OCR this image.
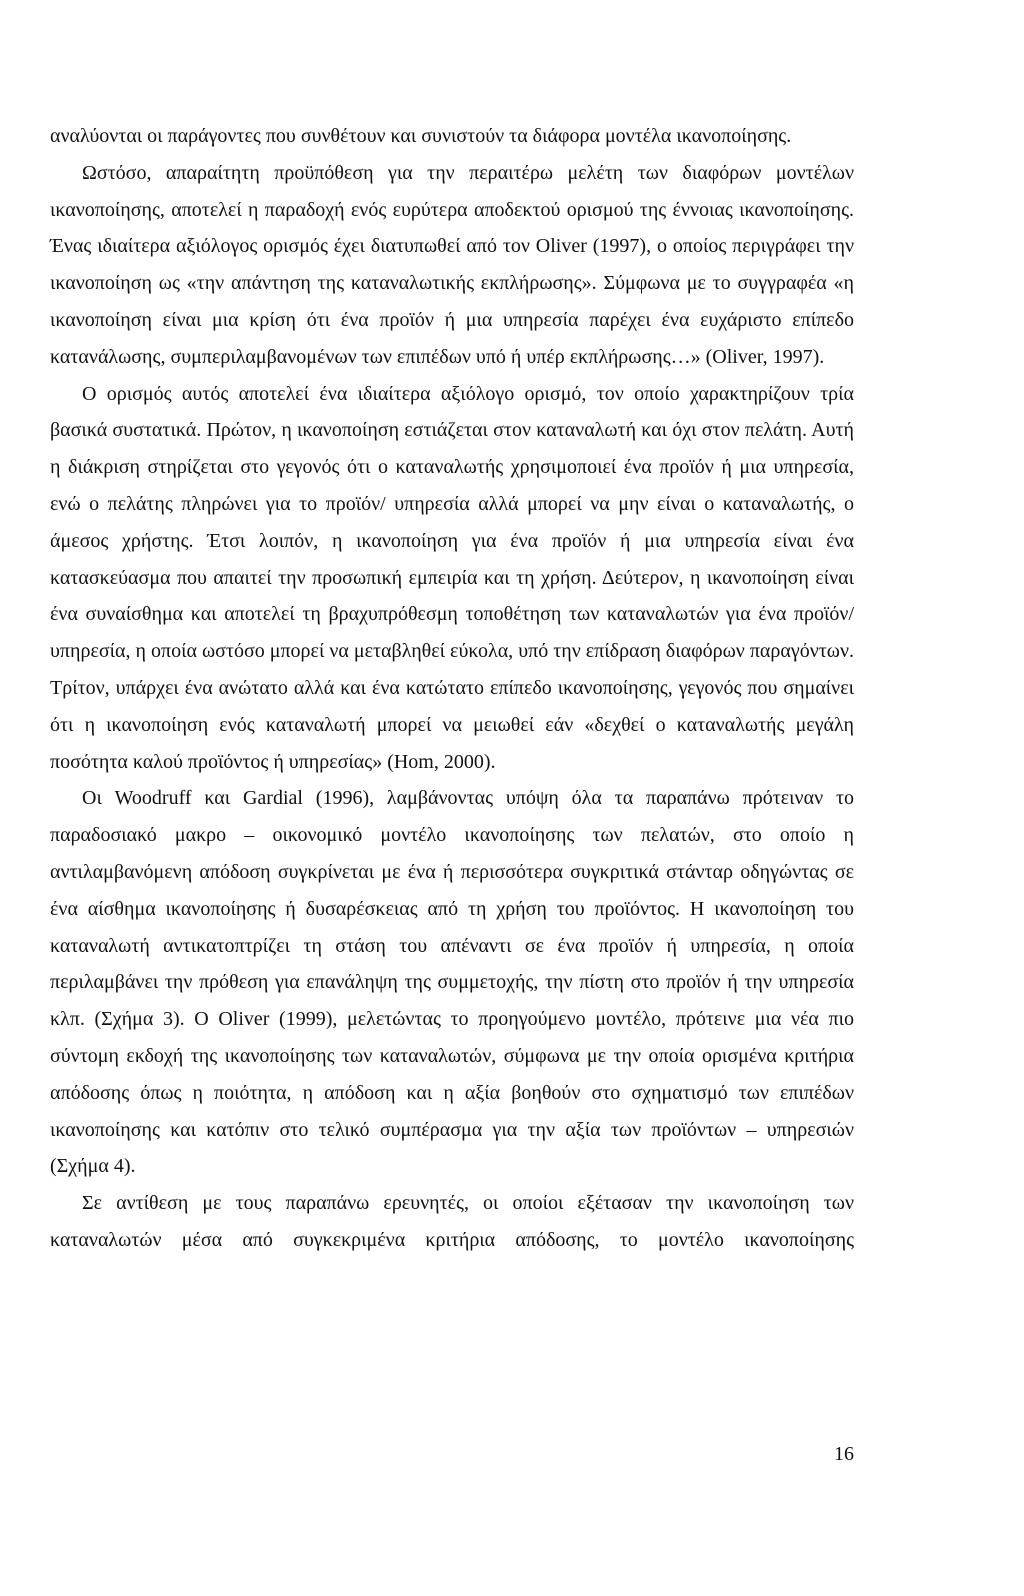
αναλύονται οι παράγοντες που συνθέτουν και συνιστούν τα διάφορα μοντέλα ικανοποίησης.

Ωστόσο, απαραίτητη προϋπόθεση για την περαιτέρω μελέτη των διαφόρων μοντέλων ικανοποίησης, αποτελεί η παραδοχή ενός ευρύτερα αποδεκτού ορισμού της έννοιας ικανοποίησης. Ένας ιδιαίτερα αξιόλογος ορισμός έχει διατυπωθεί από τον Oliver (1997), ο οποίος περιγράφει την ικανοποίηση ως «την απάντηση της καταναλωτικής εκπλήρωσης». Σύμφωνα με το συγγραφέα «η ικανοποίηση είναι μια κρίση ότι ένα προϊόν ή μια υπηρεσία παρέχει ένα ευχάριστο επίπεδο κατανάλωσης, συμπεριλαμβανομένων των επιπέδων υπό ή υπέρ εκπλήρωσης…» (Oliver, 1997).

Ο ορισμός αυτός αποτελεί ένα ιδιαίτερα αξιόλογο ορισμό, τον οποίο χαρακτηρίζουν τρία βασικά συστατικά. Πρώτον, η ικανοποίηση εστιάζεται στον καταναλωτή και όχι στον πελάτη. Αυτή η διάκριση στηρίζεται στο γεγονός ότι ο καταναλωτής χρησιμοποιεί ένα προϊόν ή μια υπηρεσία, ενώ ο πελάτης πληρώνει για το προϊόν/ υπηρεσία αλλά μπορεί να μην είναι ο καταναλωτής, ο άμεσος χρήστης. Έτσι λοιπόν, η ικανοποίηση για ένα προϊόν ή μια υπηρεσία είναι ένα κατασκεύασμα που απαιτεί την προσωπική εμπειρία και τη χρήση. Δεύτερον, η ικανοποίηση είναι ένα συναίσθημα και αποτελεί τη βραχυπρόθεσμη τοποθέτηση των καταναλωτών για ένα προϊόν/ υπηρεσία, η οποία ωστόσο μπορεί να μεταβληθεί εύκολα, υπό την επίδραση διαφόρων παραγόντων. Τρίτον, υπάρχει ένα ανώτατο αλλά και ένα κατώτατο επίπεδο ικανοποίησης, γεγονός που σημαίνει ότι η ικανοποίηση ενός καταναλωτή μπορεί να μειωθεί εάν «δεχθεί ο καταναλωτής μεγάλη ποσότητα καλού προϊόντος ή υπηρεσίας» (Hom, 2000).

Οι Woodruff και Gardial (1996), λαμβάνοντας υπόψη όλα τα παραπάνω πρότειναν το παραδοσιακό μακρο – οικονομικό μοντέλο ικανοποίησης των πελατών, στο οποίο η αντιλαμβανόμενη απόδοση συγκρίνεται με ένα ή περισσότερα συγκριτικά στάνταρ οδηγώντας σε ένα αίσθημα ικανοποίησης ή δυσαρέσκειας από τη χρήση του προϊόντος. Η ικανοποίηση του καταναλωτή αντικατοπτρίζει τη στάση του απέναντι σε ένα προϊόν ή υπηρεσία, η οποία περιλαμβάνει την πρόθεση για επανάληψη της συμμετοχής, την πίστη στο προϊόν ή την υπηρεσία κλπ. (Σχήμα 3). Ο Oliver (1999), μελετώντας το προηγούμενο μοντέλο, πρότεινε μια νέα πιο σύντομη εκδοχή της ικανοποίησης των καταναλωτών, σύμφωνα με την οποία ορισμένα κριτήρια απόδοσης όπως η ποιότητα, η απόδοση και η αξία βοηθούν στο σχηματισμό των επιπέδων ικανοποίησης και κατόπιν στο τελικό συμπέρασμα για την αξία των προϊόντων – υπηρεσιών (Σχήμα 4).

Σε αντίθεση με τους παραπάνω ερευνητές, οι οποίοι εξέτασαν την ικανοποίηση των καταναλωτών μέσα από συγκεκριμένα κριτήρια απόδοσης, το μοντέλο ικανοποίησης

16
